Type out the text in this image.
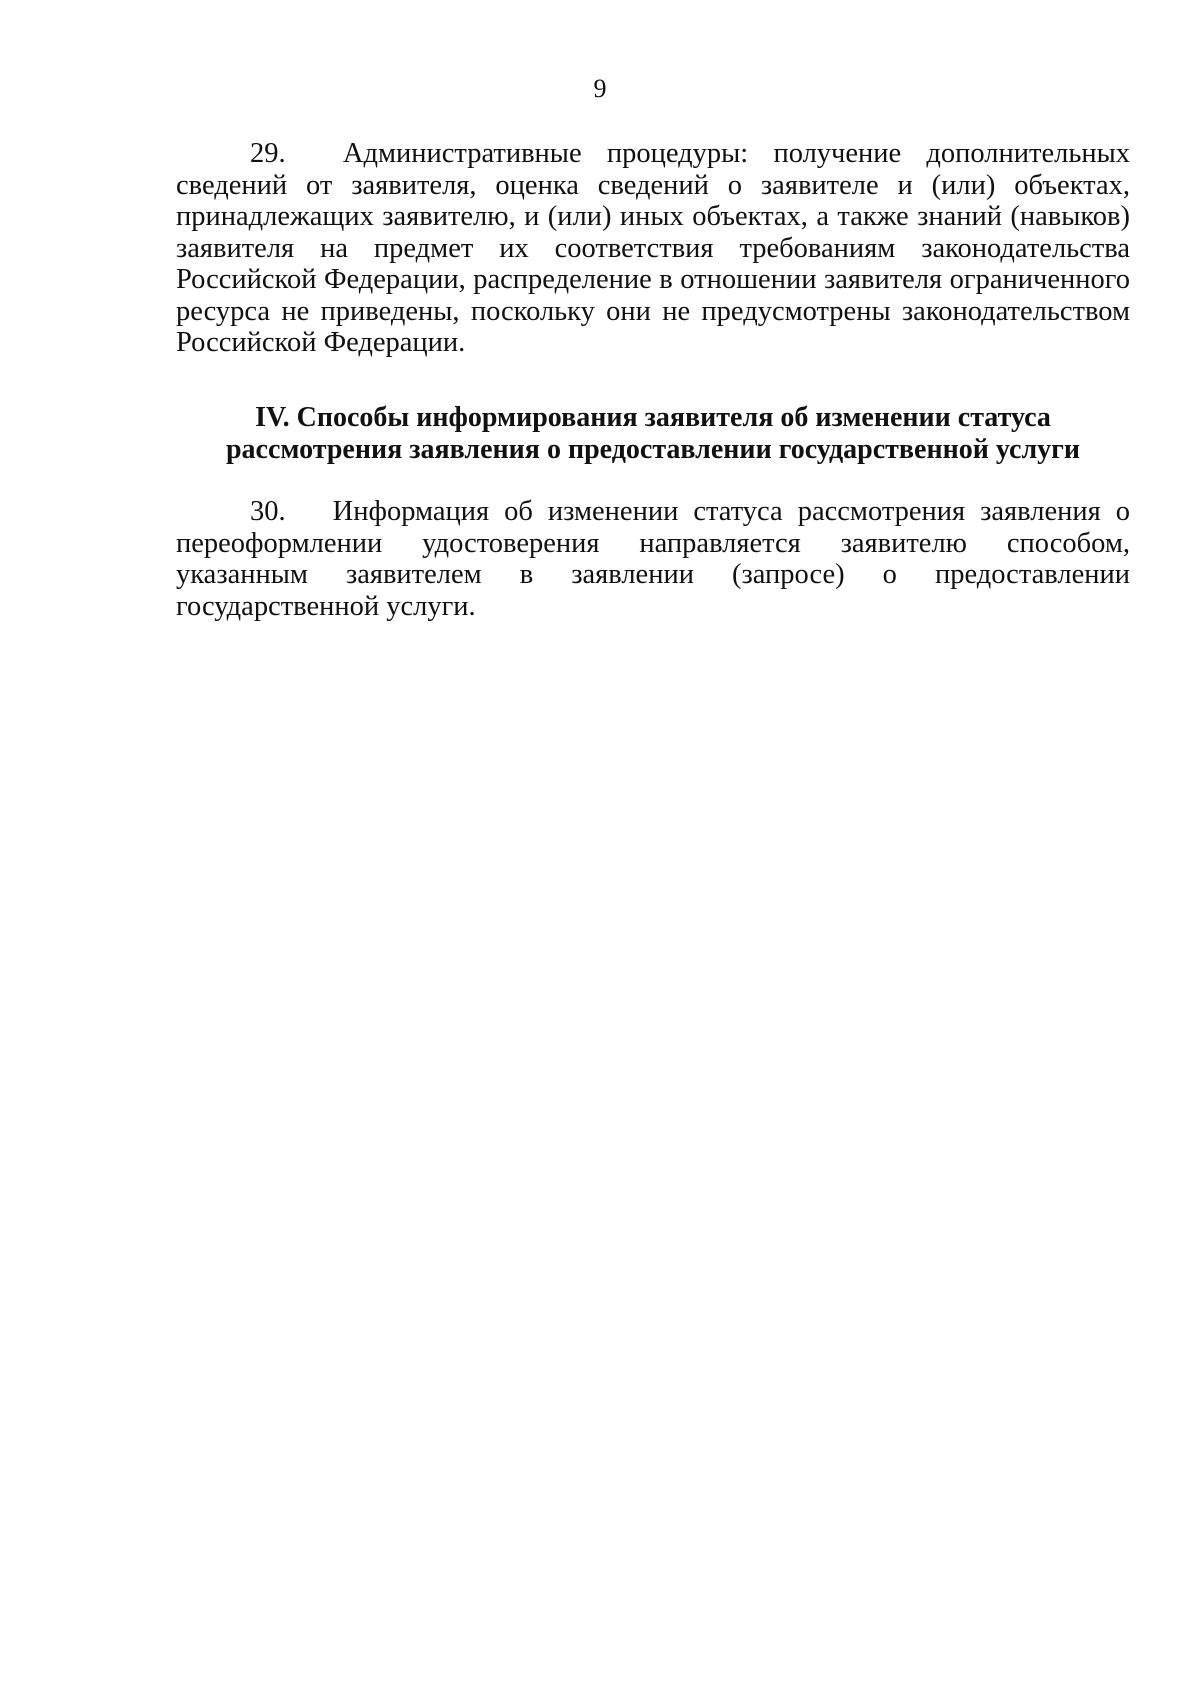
9

29. Административные процедуры: получение дополнительных сведений от заявителя, оценка сведений о заявителе и (или) объектах, принадлежащих заявителю, и (или) иных объектах, а также знаний (навыков) заявителя на предмет их соответствия требованиям законодательства Российской Федерации, распределение в отношении заявителя ограниченного ресурса не приведены, поскольку они не предусмотрены законодательством Российской Федерации.

IV. Способы информирования заявителя об изменении статуса
рассмотрения заявления о предоставлении государственной услуги

30. Информация об изменении статуса рассмотрения заявления о переоформлении удостоверения направляется заявителю способом, указанным заявителем в заявлении (запросе) о предоставлении государственной услуги.
